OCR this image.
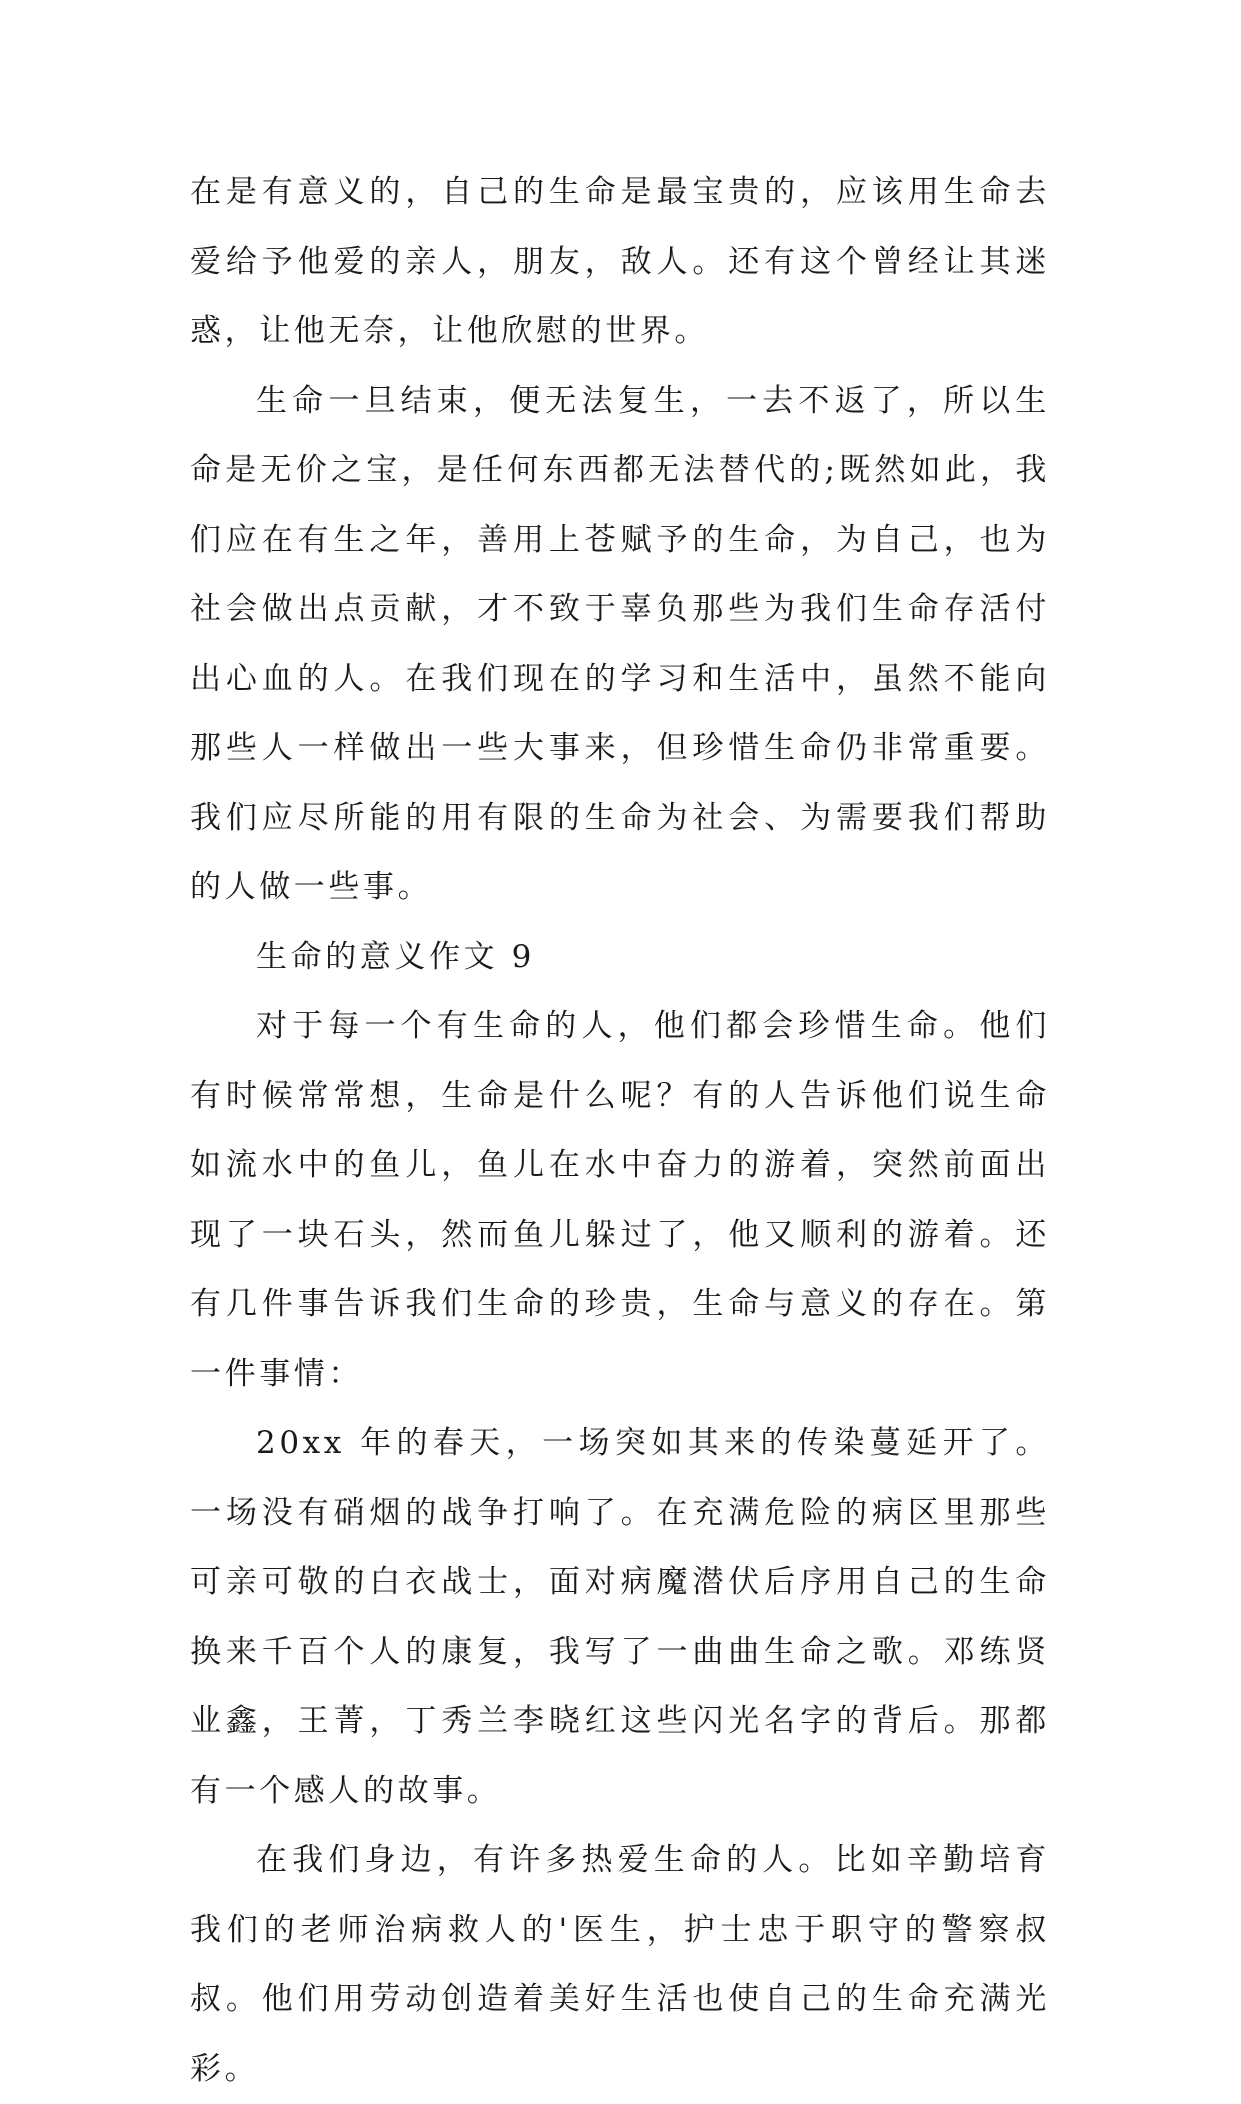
在是有意义的，自己的生命是最宝贵的，应该用生命去爱给予他爱的亲人，朋友，敌人。还有这个曾经让其迷惑，让他无奈，让他欣慰的世界。

生命一旦结束，便无法复生，一去不返了，所以生命是无价之宝，是任何东西都无法替代的;既然如此，我们应在有生之年，善用上苍赋予的生命，为自己，也为社会做出点贡献，才不致于辜负那些为我们生命存活付出心血的人。在我们现在的学习和生活中，虽然不能向那些人一样做出一些大事来，但珍惜生命仍非常重要。我们应尽所能的用有限的生命为社会、为需要我们帮助的人做一些事。

生命的意义作文 9

对于每一个有生命的人，他们都会珍惜生命。他们有时候常常想，生命是什么呢？有的人告诉他们说生命如流水中的鱼儿，鱼儿在水中奋力的游着，突然前面出现了一块石头，然而鱼儿躲过了，他又顺利的游着。还有几件事告诉我们生命的珍贵，生命与意义的存在。第一件事情：

20xx 年的春天，一场突如其来的传染蔓延开了。一场没有硝烟的战争打响了。在充满危险的病区里那些可亲可敬的白衣战士，面对病魔潜伏后序用自己的生命换来千百个人的康复，我写了一曲曲生命之歌。邓练贤业鑫，王菁，丁秀兰李晓红这些闪光名字的背后。那都有一个感人的故事。

在我们身边，有许多热爱生命的人。比如辛勤培育我们的老师治病救人的'医生，护士忠于职守的警察叔叔。他们用劳动创造着美好生活也使自己的生命充满光彩。
